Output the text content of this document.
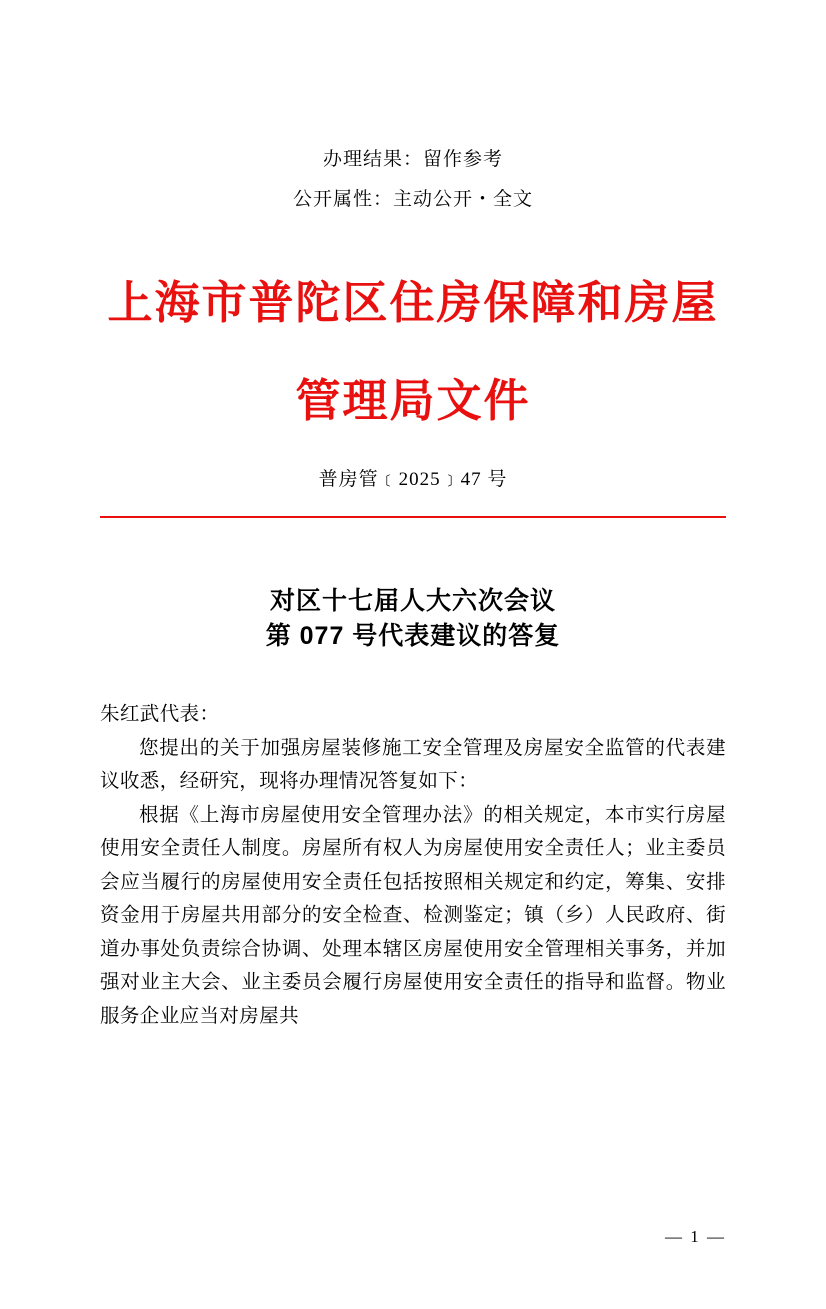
办理结果：留作参考
公开属性：主动公开・全文
上海市普陀区住房保障和房屋管理局文件
普房管﹝2025﹞47 号
对区十七届人大六次会议
第 077 号代表建议的答复

朱红武代表：

您提出的关于加强房屋装修施工安全管理及房屋安全监管的代表建议收悉，经研究，现将办理情况答复如下：

根据《上海市房屋使用安全管理办法》的相关规定，本市实行房屋使用安全责任人制度。房屋所有权人为房屋使用安全责任人；业主委员会应当履行的房屋使用安全责任包括按照相关规定和约定，筹集、安排资金用于房屋共用部分的安全检查、检测鉴定；镇（乡）人民政府、街道办事处负责综合协调、处理本辖区房屋使用安全管理相关事务，并加强对业主大会、业主委员会履行房屋使用安全责任的指导和监督。物业服务企业应当对房屋共

— 1 —
